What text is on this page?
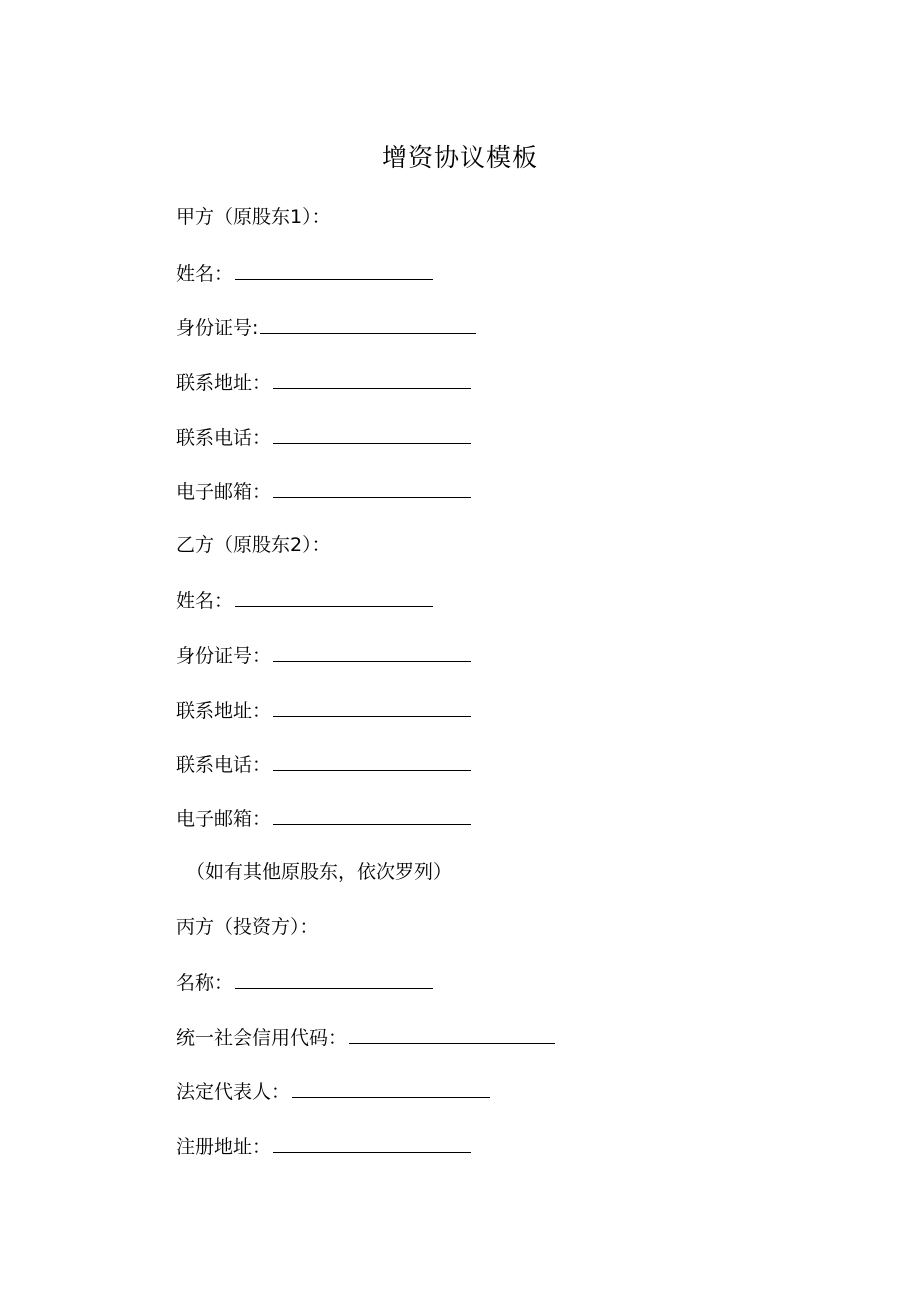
增资协议模板
甲方（原股东1）：
姓名：
身份证号:
联系地址：
联系电话：
电子邮箱：
乙方（原股东2）：
姓名：
身份证号：
联系地址：
联系电话：
电子邮箱：
（如有其他原股东，依次罗列）
丙方（投资方）：
名称：
统一社会信用代码：
法定代表人：
注册地址：
